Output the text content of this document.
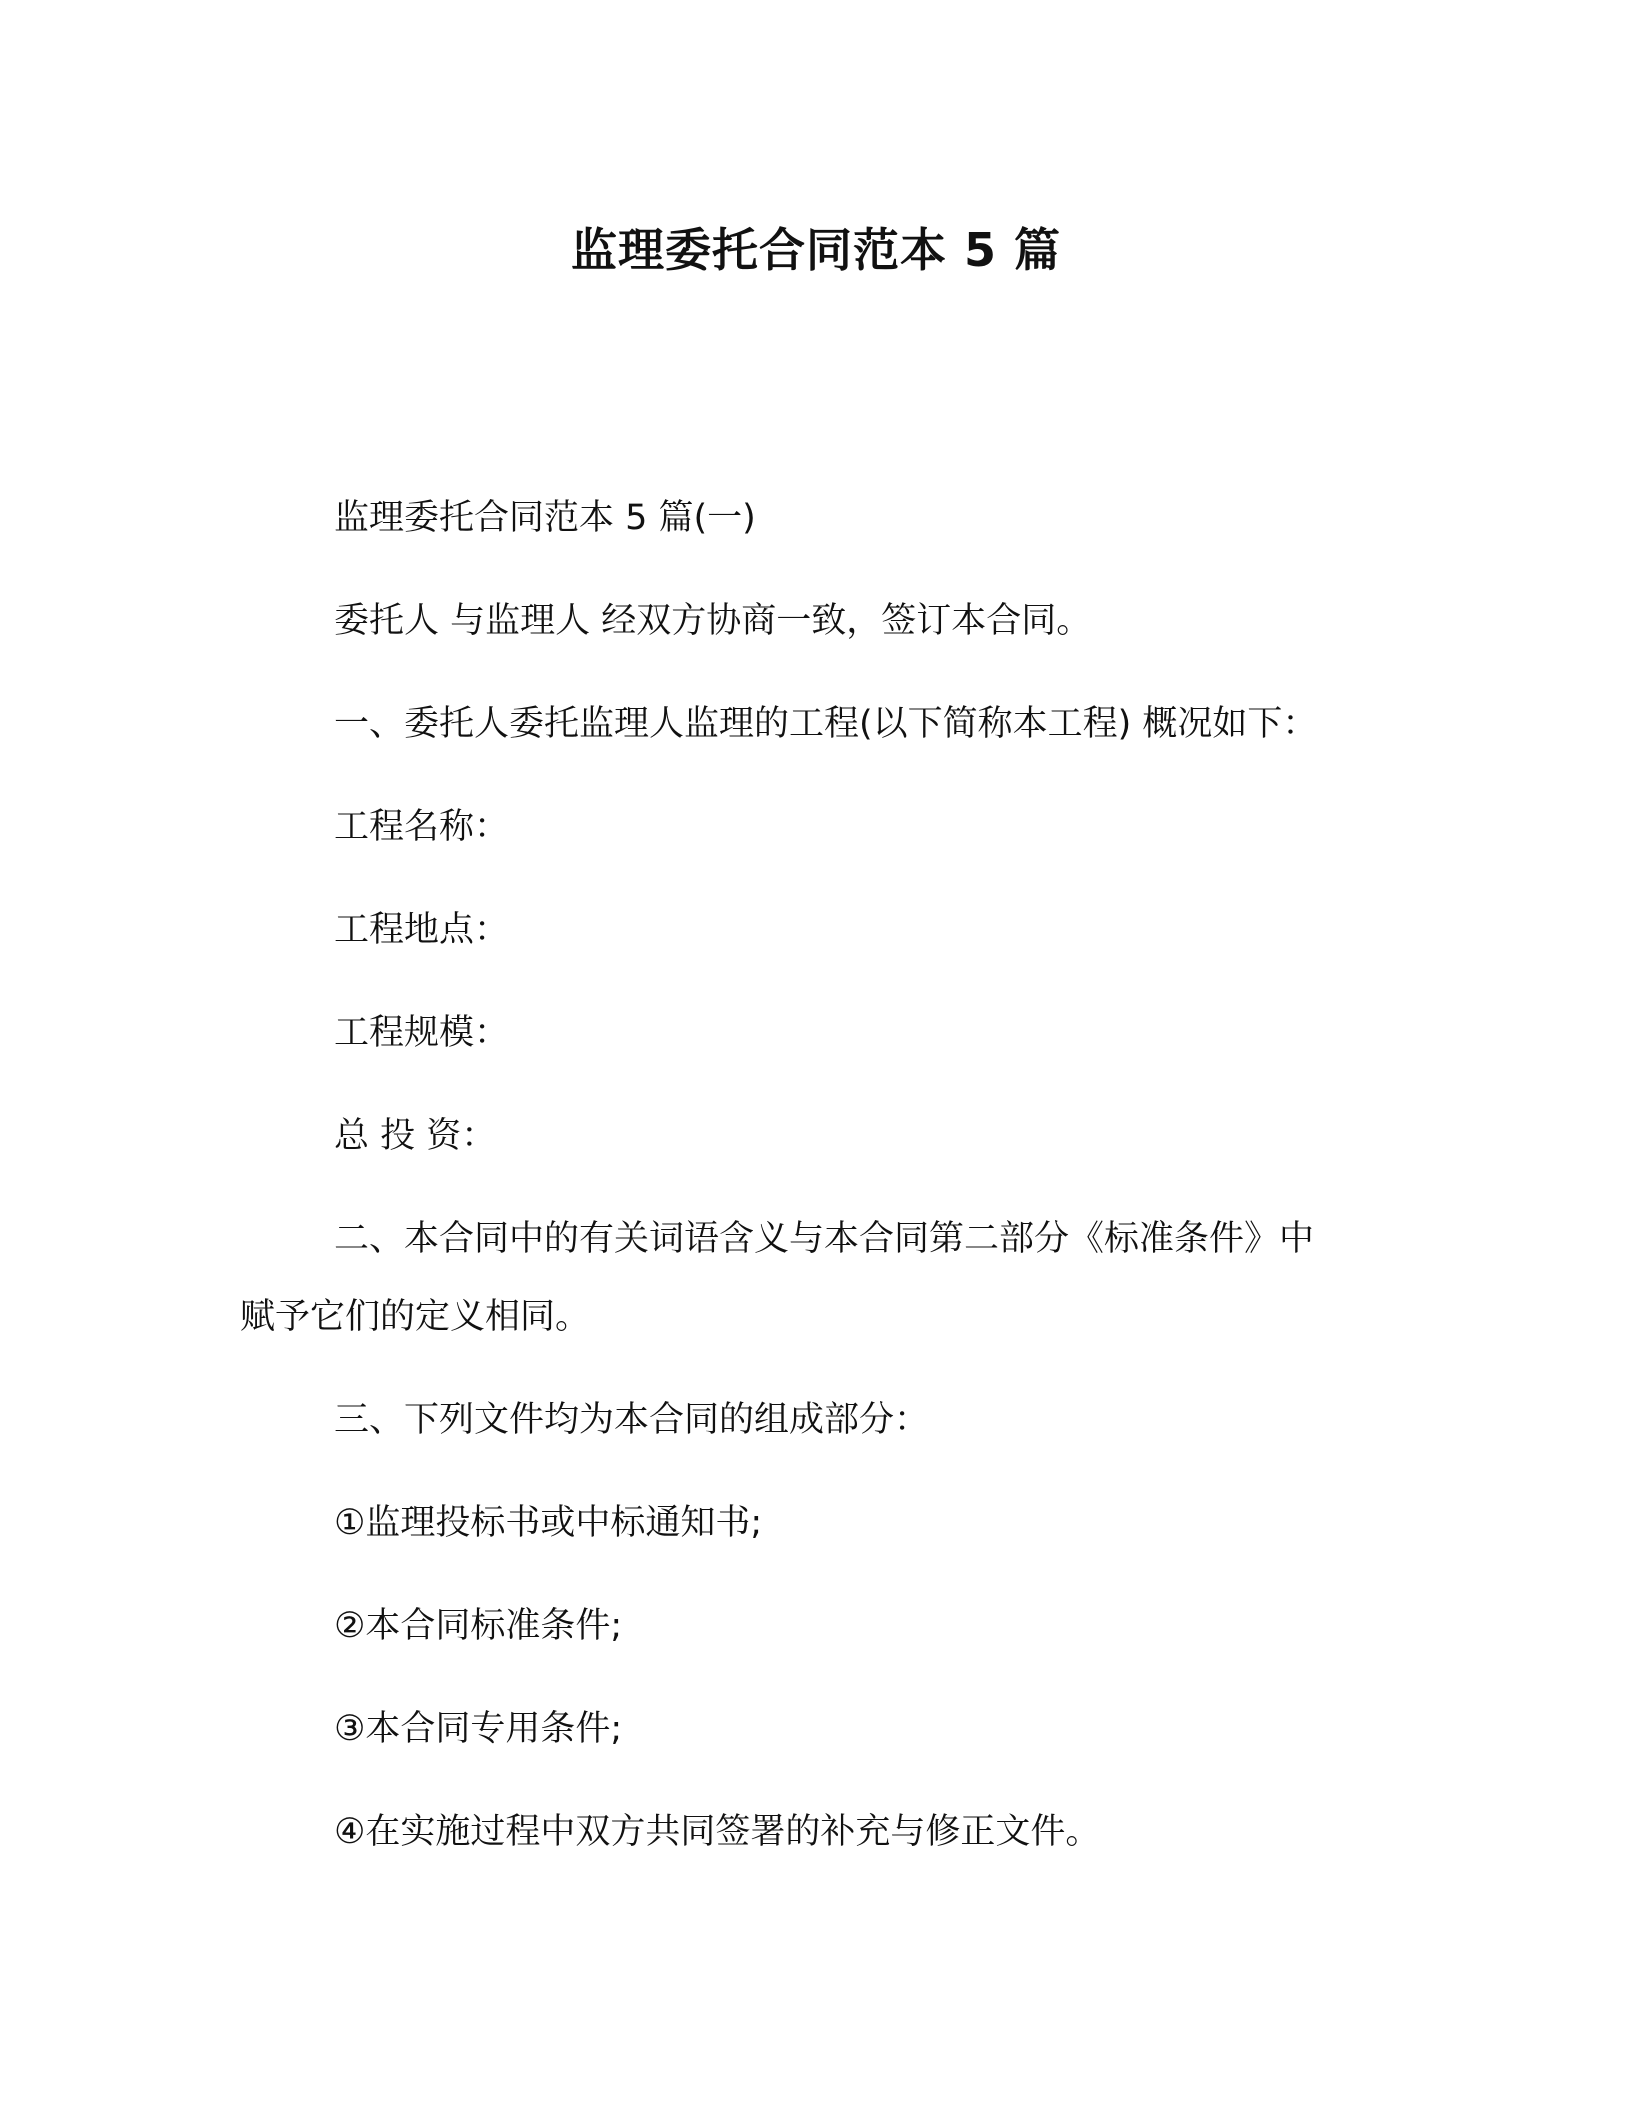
监理委托合同范本 5 篇
监理委托合同范本 5 篇(一)
委托人 与监理人 经双方协商一致，签订本合同。
一、委托人委托监理人监理的工程(以下简称本工程) 概况如下：
工程名称：
工程地点：
工程规模：
总 投 资：
二、本合同中的有关词语含义与本合同第二部分《标准条件》中
赋予它们的定义相同。
三、下列文件均为本合同的组成部分：
①监理投标书或中标通知书;
②本合同标准条件;
③本合同专用条件;
④在实施过程中双方共同签署的补充与修正文件。
